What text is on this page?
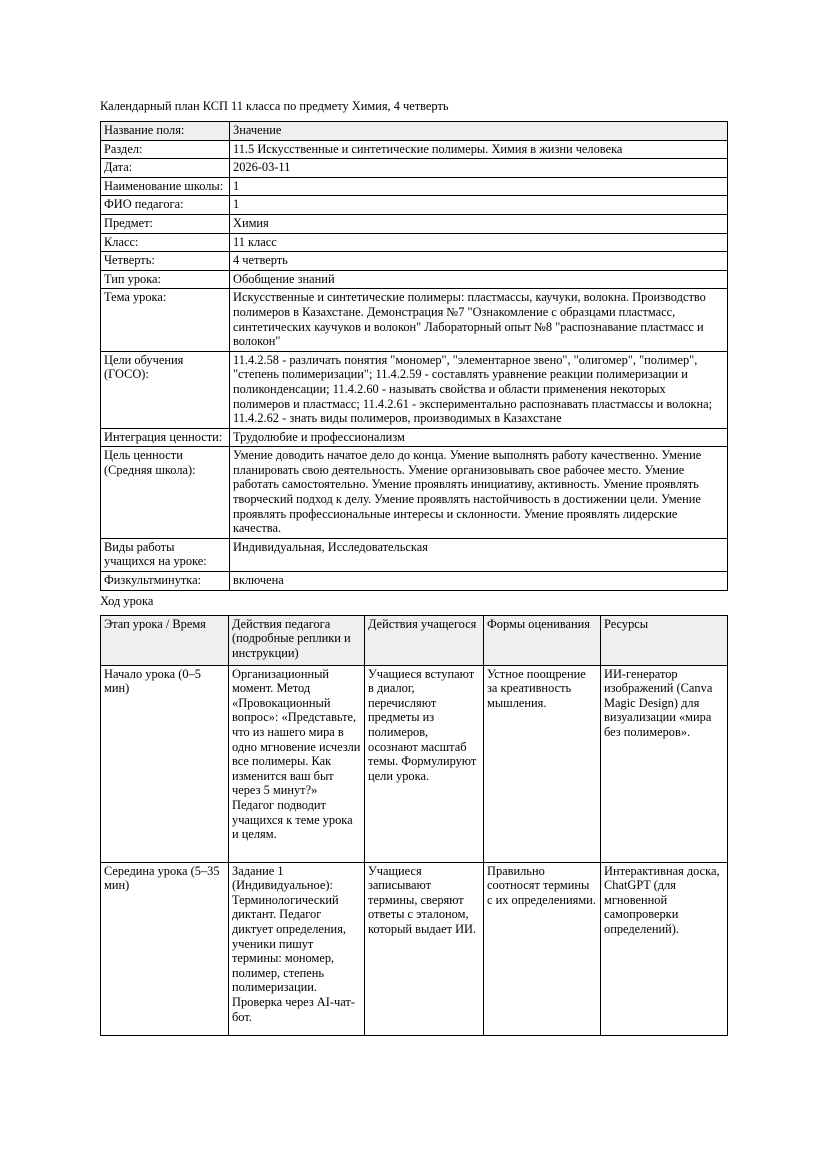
Календарный план КСП 11 класса по предмету Химия, 4 четверть
Название поля:	Значение
Раздел:	11.5 Искусственные и синтетические полимеры. Химия в жизни человека
Дата:	2026-03-11
Наименование школы:	1
ФИО педагога:	1
Предмет:	Химия
Класс:	11 класс
Четверть:	4 четверть
Тип урока:	Обобщение знаний
Тема урока:	Искусственные и синтетические полимеры: пластмассы, каучуки, волокна. Производство полимеров в Казахстане. Демонстрация №7 "Ознакомление с образцами пластмасс, синтетических каучуков и волокон" Лабораторный опыт №8 "распознавание пластмасс и волокон"
Цели обучения (ГОСО):	11.4.2.58 - различать понятия "мономер", "элементарное звено", "олигомер", "полимер", "степень полимеризации"; 11.4.2.59 - составлять уравнение реакции полимеризации и поликонденсации; 11.4.2.60 - называть свойства и области применения некоторых полимеров и пластмасс; 11.4.2.61 - экспериментально распознавать пластмассы и волокна; 11.4.2.62 - знать виды полимеров, производимых в Казахстане
Интеграция ценности:	Трудолюбие и профессионализм
Цель ценности (Средняя школа):	Умение доводить начатое дело до конца. Умение выполнять работу качественно. Умение планировать свою деятельность. Умение организовывать свое рабочее место. Умение работать самостоятельно. Умение проявлять инициативу, активность. Умение проявлять творческий подход к делу. Умение проявлять настойчивость в достижении цели. Умение проявлять профессиональные интересы и склонности. Умение проявлять лидерские качества.
Виды работы учащихся на уроке:	Индивидуальная, Исследовательская
Физкультминутка:	включена
Ход урока
Этап урока / Время	Действия педагога (подробные реплики и инструкции)	Действия учащегося	Формы оценивания	Ресурсы
Начало урока (0–5 мин)	Организационный момент. Метод «Провокационный вопрос»: «Представьте, что из нашего мира в одно мгновение исчезли все полимеры. Как изменится ваш быт через 5 минут?» Педагог подводит учащихся к теме урока и целям.	Учащиеся вступают в диалог, перечисляют предметы из полимеров, осознают масштаб темы. Формулируют цели урока.	Устное поощрение за креативность мышления.	ИИ-генератор изображений (Canva Magic Design) для визуализации «мира без полимеров».
Середина урока (5–35 мин)	Задание 1 (Индивидуальное): Терминологический диктант. Педагог диктует определения, ученики пишут термины: мономер, полимер, степень полимеризации. Проверка через AI-чат-бот.	Учащиеся записывают термины, сверяют ответы с эталоном, который выдает ИИ.	Правильно соотносят термины с их определениями.	Интерактивная доска, ChatGPT (для мгновенной самопроверки определений).
